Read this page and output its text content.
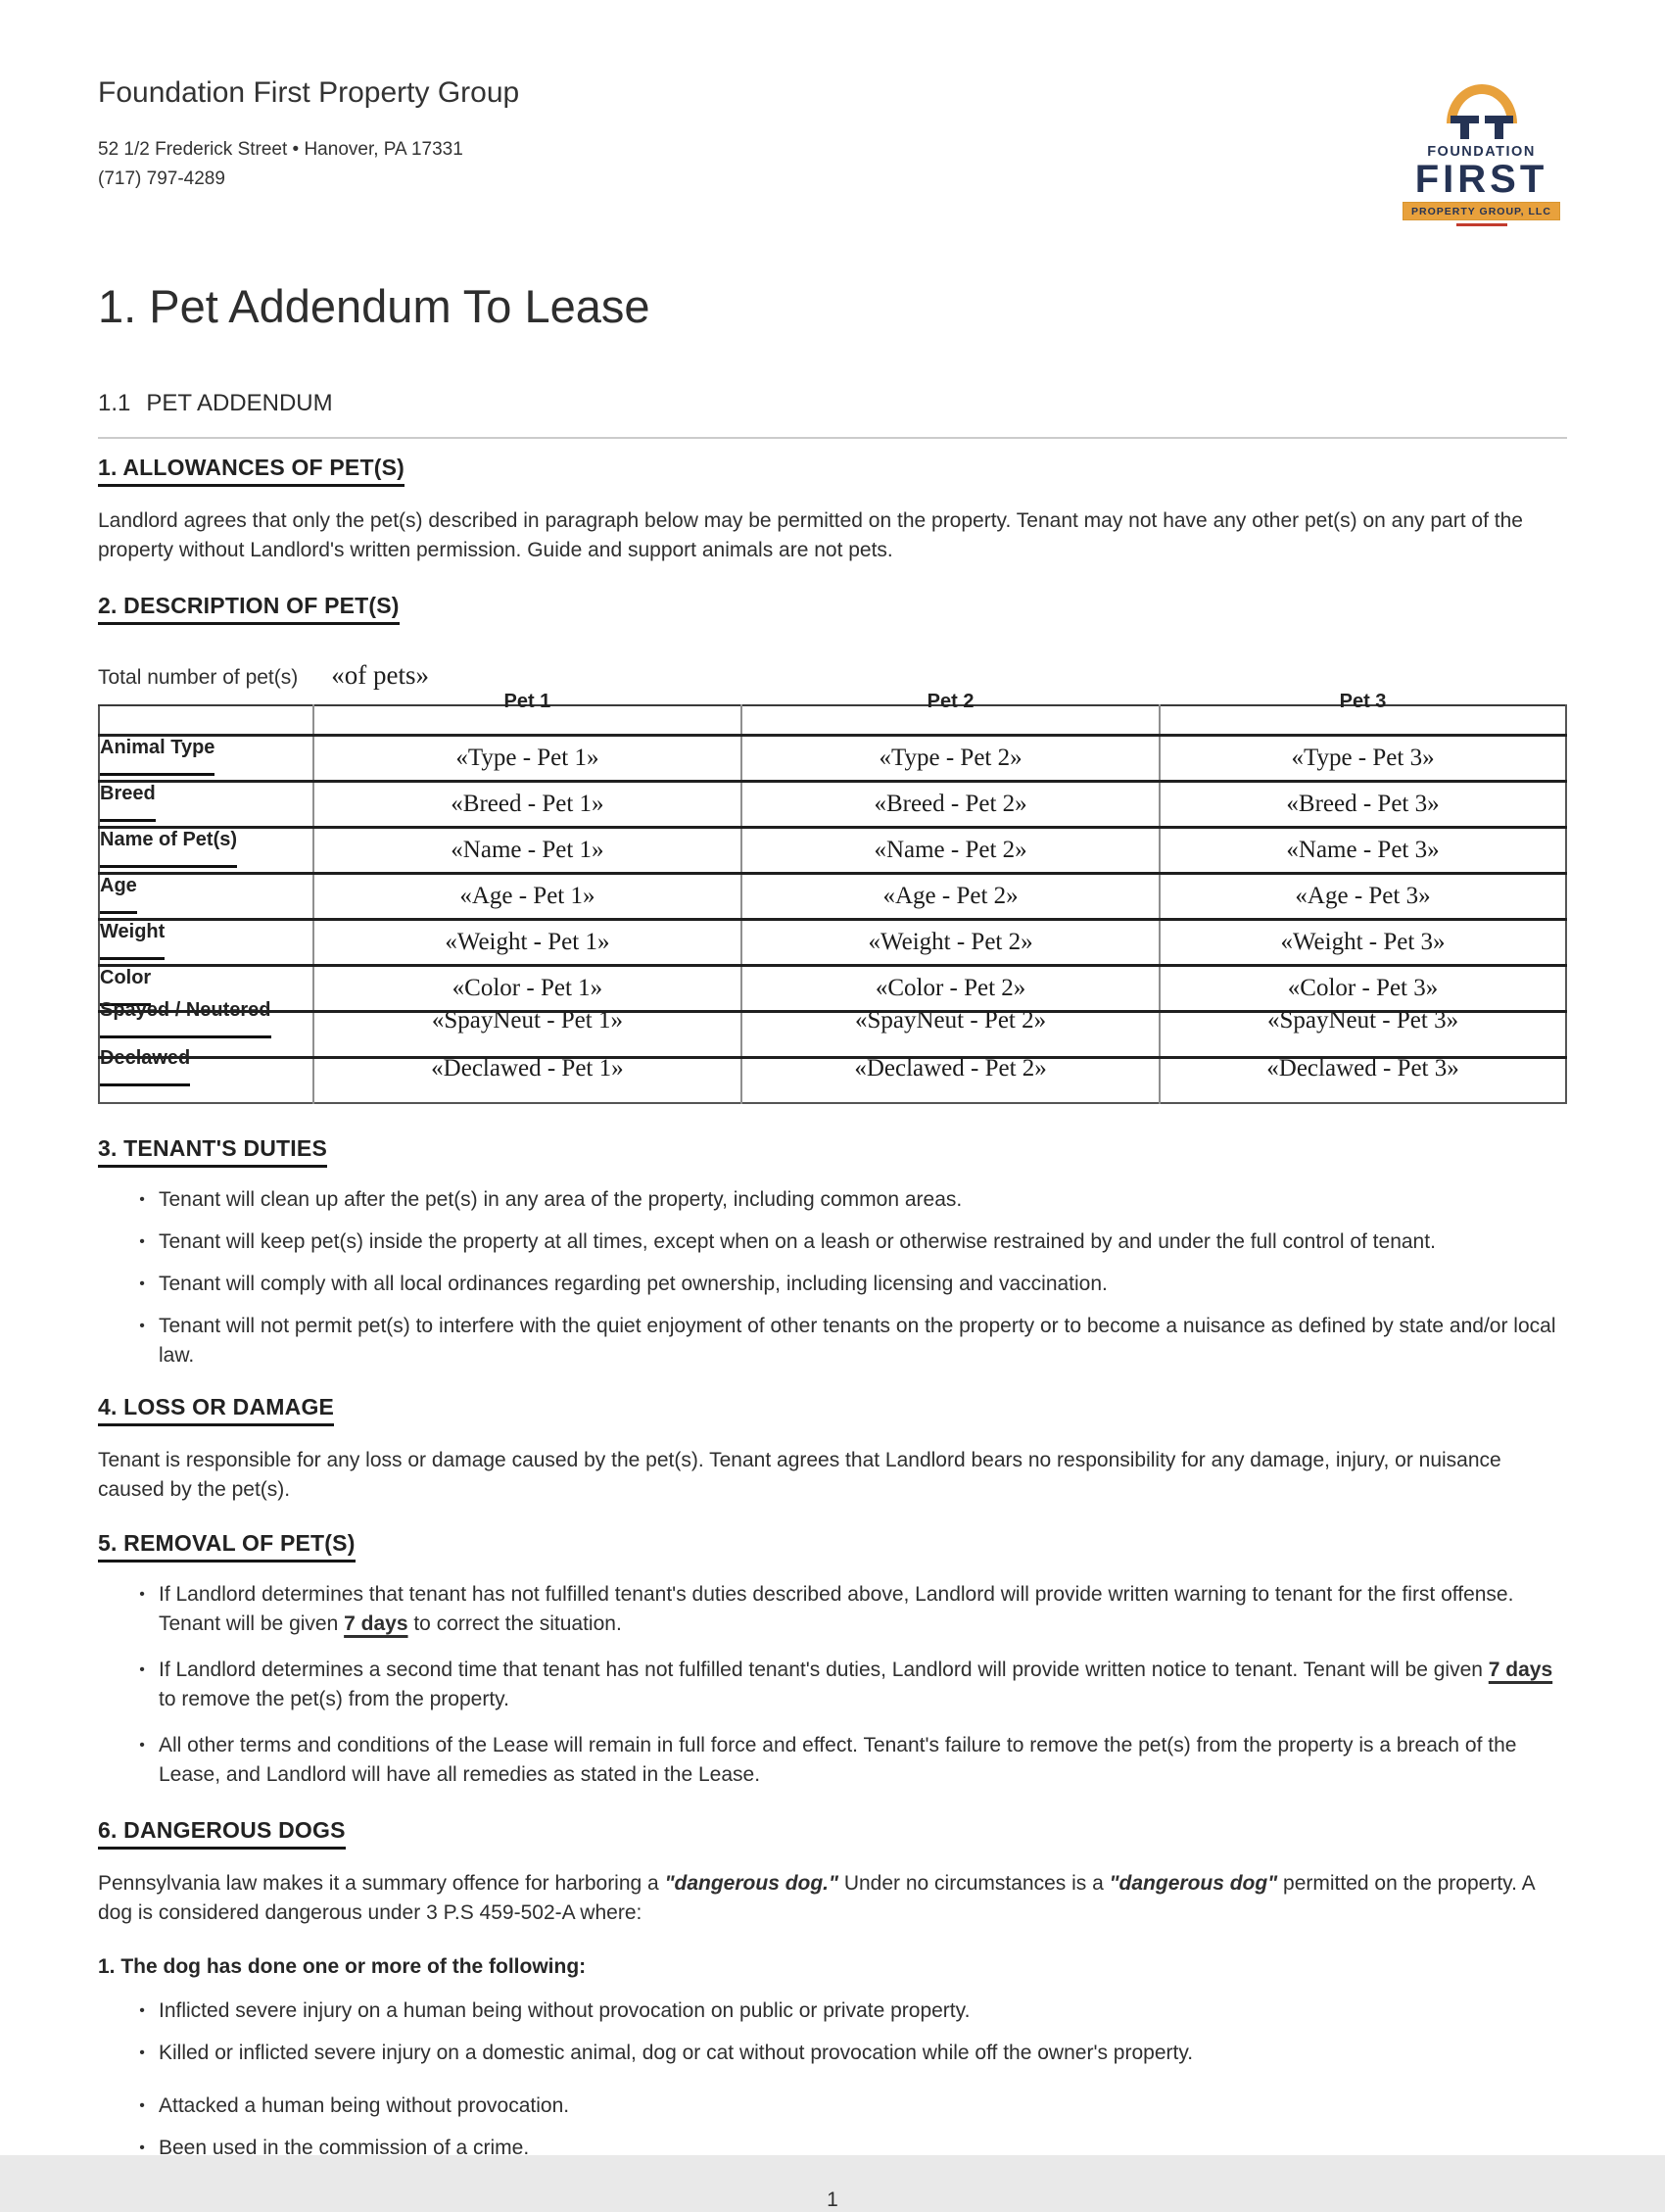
Foundation First Property Group
52 1/2 Frederick Street • Hanover, PA 17331
(717) 797-4289
FOUNDATION
FIRST
PROPERTY GROUP, LLC
1. Pet Addendum To Lease
1.1 PET ADDENDUM
1. ALLOWANCES OF PET(S)
Landlord agrees that only the pet(s) described in paragraph below may be permitted on the property. Tenant may not have any other pet(s) on any part of the property without Landlord's written permission. Guide and support animals are not pets.
2. DESCRIPTION OF PET(S)
Total number of pet(s) «of pets»
	Pet 1	Pet 2	Pet 3
Animal Type	«Type - Pet 1»	«Type - Pet 2»	«Type - Pet 3»
Breed	«Breed - Pet 1»	«Breed - Pet 2»	«Breed - Pet 3»
Name of Pet(s)	«Name - Pet 1»	«Name - Pet 2»	«Name - Pet 3»
Age	«Age - Pet 1»	«Age - Pet 2»	«Age - Pet 3»
Weight	«Weight - Pet 1»	«Weight - Pet 2»	«Weight - Pet 3»
Color	«Color - Pet 1»	«Color - Pet 2»	«Color - Pet 3»
Spayed / Neutered	«SpayNeut - Pet 1»	«SpayNeut - Pet 2»	«SpayNeut - Pet 3»
Declawed	«Declawed - Pet 1»	«Declawed - Pet 2»	«Declawed - Pet 3»
3. TENANT'S DUTIES
• Tenant will clean up after the pet(s) in any area of the property, including common areas.
• Tenant will keep pet(s) inside the property at all times, except when on a leash or otherwise restrained by and under the full control of tenant.
• Tenant will comply with all local ordinances regarding pet ownership, including licensing and vaccination.
• Tenant will not permit pet(s) to interfere with the quiet enjoyment of other tenants on the property or to become a nuisance as defined by state and/or local law.
4. LOSS OR DAMAGE
Tenant is responsible for any loss or damage caused by the pet(s). Tenant agrees that Landlord bears no responsibility for any damage, injury, or nuisance caused by the pet(s).
5. REMOVAL OF PET(S)
• If Landlord determines that tenant has not fulfilled tenant's duties described above, Landlord will provide written warning to tenant for the first offense. Tenant will be given 7 days to correct the situation.
• If Landlord determines a second time that tenant has not fulfilled tenant's duties, Landlord will provide written notice to tenant. Tenant will be given 7 days to remove the pet(s) from the property.
• All other terms and conditions of the Lease will remain in full force and effect. Tenant's failure to remove the pet(s) from the property is a breach of the Lease, and Landlord will have all remedies as stated in the Lease.
6. DANGEROUS DOGS
Pennsylvania law makes it a summary offence for harboring a "dangerous dog." Under no circumstances is a "dangerous dog" permitted on the property. A dog is considered dangerous under 3 P.S 459-502-A where:
1. The dog has done one or more of the following:
• Inflicted severe injury on a human being without provocation on public or private property.
• Killed or inflicted severe injury on a domestic animal, dog or cat without provocation while off the owner's property.
• Attacked a human being without provocation.
• Been used in the commission of a crime.
1
